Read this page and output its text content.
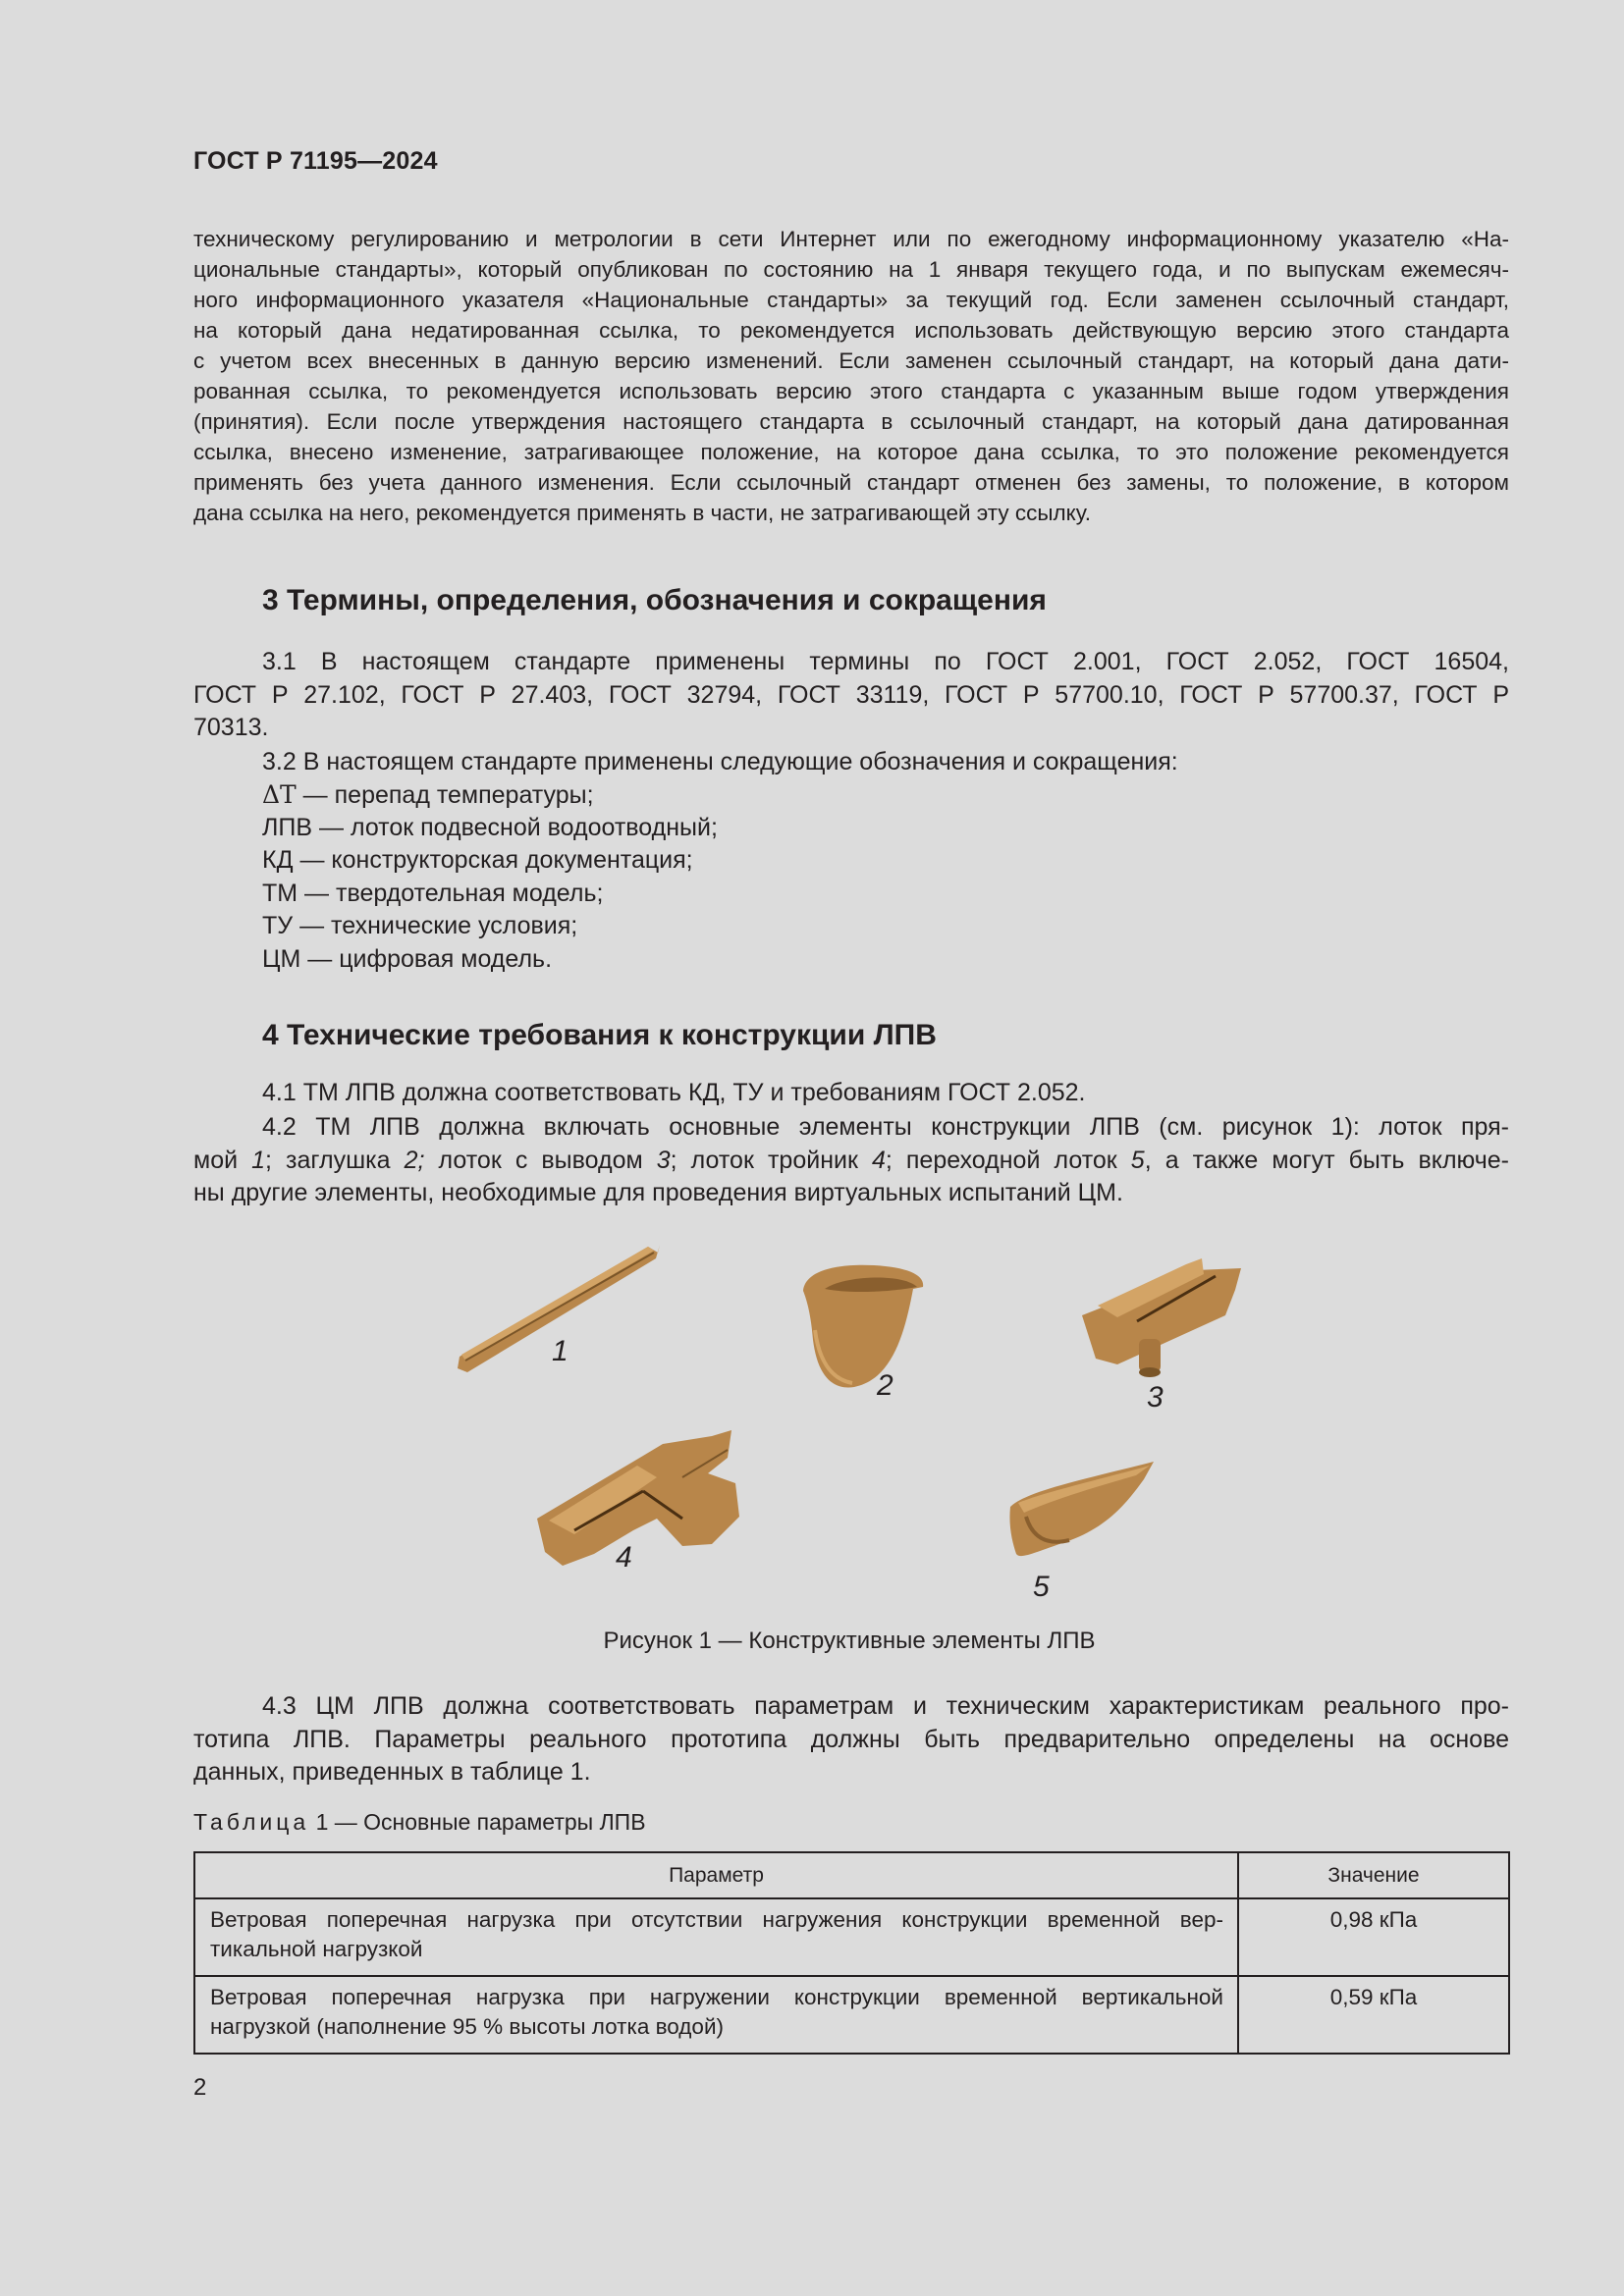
ГОСТ Р 71195—2024
техническому регулированию и метрологии в сети Интернет или по ежегодному информационному указателю «На-
циональные стандарты», который опубликован по состоянию на 1 января текущего года, и по выпускам ежемесяч-
ного информационного указателя «Национальные стандарты» за текущий год. Если заменен ссылочный стандарт,
на который дана недатированная ссылка, то рекомендуется использовать действующую версию этого стандарта
с учетом всех внесенных в данную версию изменений. Если заменен ссылочный стандарт, на который дана дати-
рованная ссылка, то рекомендуется использовать версию этого стандарта с указанным выше годом утверждения
(принятия). Если после утверждения настоящего стандарта в ссылочный стандарт, на который дана датированная
ссылка, внесено изменение, затрагивающее положение, на которое дана ссылка, то это положение рекомендуется
применять без учета данного изменения. Если ссылочный стандарт отменен без замены, то положение, в котором
дана ссылка на него, рекомендуется применять в части, не затрагивающей эту ссылку.
3 Термины, определения, обозначения и сокращения
3.1 В настоящем стандарте применены термины по ГОСТ 2.001, ГОСТ 2.052, ГОСТ 16504,
ГОСТ Р 27.102, ГОСТ Р 27.403, ГОСТ 32794, ГОСТ 33119, ГОСТ Р 57700.10, ГОСТ Р 57700.37, ГОСТ Р
70313.
3.2 В настоящем стандарте применены следующие обозначения и сокращения:
ΔT — перепад температуры;
ЛПВ — лоток подвесной водоотводный;
КД — конструкторская документация;
ТМ — твердотельная модель;
ТУ — технические условия;
ЦМ — цифровая модель.
4 Технические требования к конструкции ЛПВ
4.1 ТМ ЛПВ должна соответствовать КД, ТУ и требованиям ГОСТ 2.052.
4.2 ТМ ЛПВ должна включать основные элементы конструкции ЛПВ (см. рисунок 1): лоток пря-
мой 1; заглушка 2; лоток с выводом 3; лоток тройник 4; переходной лоток 5, а также могут быть включе-
ны другие элементы, необходимые для проведения виртуальных испытаний ЦМ.
1
2	3
4
5
Рисунок 1 — Конструктивные элементы ЛПВ
4.3 ЦМ ЛПВ должна соответствовать параметрам и техническим характеристикам реального про-
тотипа ЛПВ. Параметры реального прототипа должны быть предварительно определены на основе
данных, приведенных в таблице 1.
Таблица 1 — Основные параметры ЛПВ
Параметр	Значение

Ветровая поперечная нагрузка при отсутствии нагружения конструкции временной вер-
тикальной нагрузкой	0,98 кПа

Ветровая поперечная нагрузка при нагружении конструкции временной вертикальной
нагрузкой (наполнение 95 % высоты лотка водой)	0,59 кПа
2
